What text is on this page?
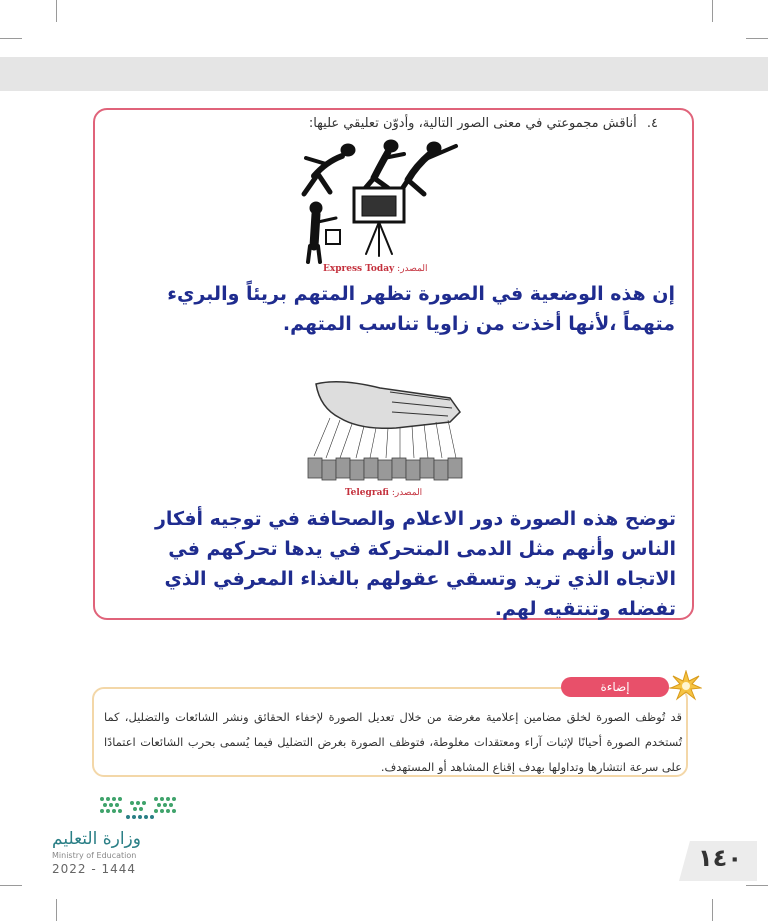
٤. أناقش مجموعتي في معنى الصور التالية، وأدوّن تعليقي عليها:
المصدر: Express Today
إن هذه الوضعية في الصورة تظهر المتهم بريئاً والبريء متهماً ،لأنها أخذت من زاويا تناسب المتهم.
المصدر: Telegrafi
توضح هذه الصورة دور الاعلام والصحافة في توجيه أفكار الناس وأنهم مثل الدمى المتحركة في يدها تحركهم في الاتجاه الذي تريد وتسقي عقولهم بالغذاء المعرفي الذي تفضله وتنتقيه لهم.
إضاءة
قد تُوظف الصورة لخلق مضامين إعلامية مغرضة من خلال تعديل الصورة لإخفاء الحقائق ونشر الشائعات والتضليل، كما تُستخدم الصورة أحيانًا لإثبات آراء ومعتقدات مغلوطة، فتوظف الصورة بغرض التضليل فيما يُسمى بحرب الشائعات اعتمادًا على سرعة انتشارها وتداولها بهدف إقناع المشاهد أو المستهدف.
وزارة التعليم
Ministry of Education
2022 - 1444	١٤٠
